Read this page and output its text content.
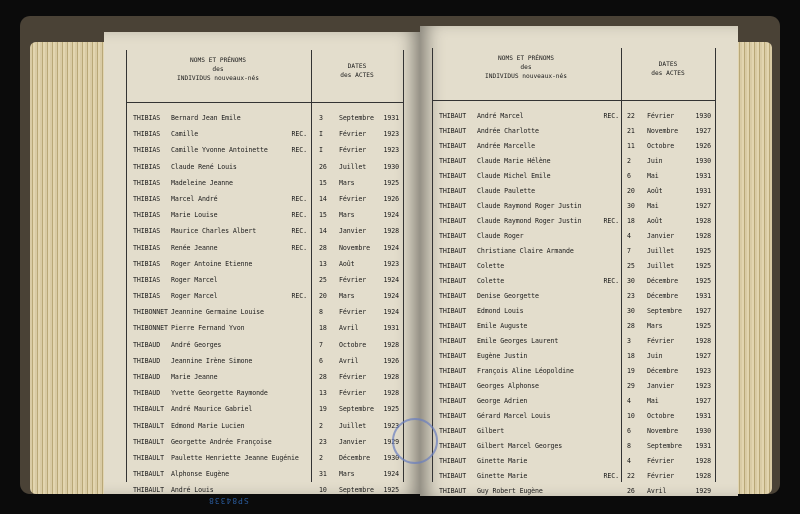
NOMS ET PRÉNOMS
des
INDIVIDUS nouveaux-nés
DATES
des ACTES
THIBIAS Bernard Jean Emile	3 Septembre 1931
THIBIAS Camille	REC. I Février	1923
THIBIAS Camille Yvonne Antoinette	REC. I Février	1923
THIBIAS Claude René Louis	26 Juillet	1930
THIBIAS Madeleine Jeanne	15 Mars	1925
THIBIAS Marcel André	REC. 14 Février	1926
THIBIAS Marie Louise	REC. 15 Mars	1924
THIBIAS Maurice Charles Albert	REC. 14 Janvier	1928
THIBIAS Renée Jeanne	REC. 28 Novembre 1924
THIBIAS Roger Antoine Etienne	13 Août	1923
THIBIAS Roger Marcel	25 Février	1924
THIBIAS Roger Marcel	REC. 20 Mars	1924
THIBONNET Jeannine Germaine Louise	8 Février	1924
THIBONNET Pierre Fernand Yvon	18 Avril	1931
THIBAUD André Georges	7 Octobre	1928
THIBAUD Jeannine Irène Simone	6 Avril	1926
THIBAUD Marie Jeanne	28 Février	1928
THIBAUD Yvette Georgette Raymonde	13 Février	1928
THIBAULT André Maurice Gabriel	19 Septembre 1925
THIBAULT Edmond Marie Lucien	2 Juillet	1923
THIBAULT Georgette Andrée Françoise	23 Janvier	1929
THIBAULT Paulette Henriette Jeanne Eugénie	2 Décembre 1930
THIBAULT Alphonse Eugène	31 Mars	1924
THIBAULT André Louis	10 Septembre 1925
SP84338
NOMS ET PRÉNOMS
des
INDIVIDUS nouveaux-nés
DATES
des ACTES
THIBAUT André Marcel	REC. 22 Février	1930
THIBAUT Andrée Charlotte	21 Novembre	1927
THIBAUT Andrée Marcelle	11 Octobre	1926
THIBAUT Claude Marie Hélène	2 Juin	1930
THIBAUT Claude Michel Emile	6 Mai	1931
THIBAUT Claude Paulette	20 Août	1931
THIBAUT Claude Raymond Roger Justin	30 Mai	1927
THIBAUT Claude Raymond Roger Justin	REC. 18 Août	1928
THIBAUT Claude Roger	4 Janvier	1928
THIBAUT Christiane Claire Armande	7 Juillet	1925
THIBAUT Colette	25 Juillet	1925
THIBAUT Colette	REC. 30 Décembre	1925
THIBAUT Denise Georgette	23 Décembre	1931
THIBAUT Edmond Louis	30 Septembre 1927
THIBAUT Emile Auguste	28 Mars	1925
THIBAUT Emile Georges Laurent	3 Février	1928
THIBAUT Eugène Justin	18 Juin	1927
THIBAUT François Aline Léopoldine	19 Décembre	1923
THIBAUT Georges Alphonse	29 Janvier	1923
THIBAUT George Adrien	4 Mai	1927
THIBAUT Gérard Marcel Louis	10 Octobre	1931
THIBAUT Gilbert	6 Novembre	1930
THIBAUT Gilbert Marcel Georges	8 Septembre 1931
THIBAUT Ginette Marie	4 Février	1928
THIBAUT Ginette Marie	REC. 22 Février	1928
THIBAUT Guy Robert Eugène	26 Avril	1929
